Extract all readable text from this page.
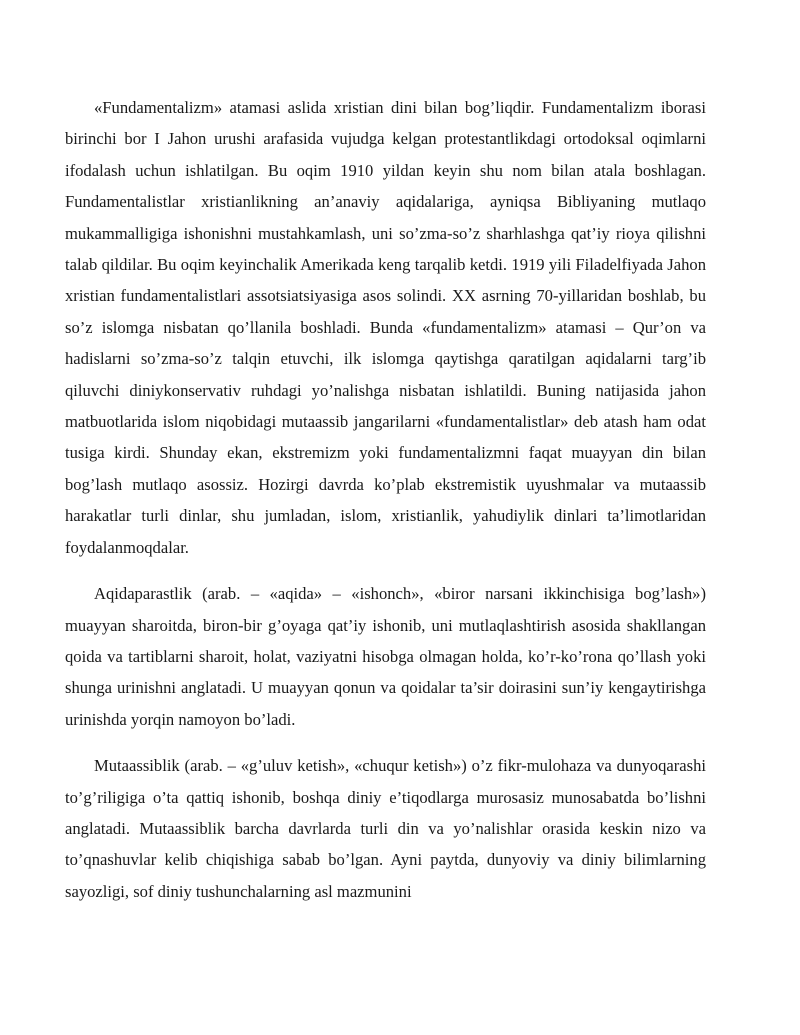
«Fundamentalizm» atamasi aslida xristian dini bilan bog’liqdir. Fundamentalizm iborasi birinchi bor I Jahon urushi arafasida vujudga kelgan protestantlikdagi ortodoksal oqimlarni ifodalash uchun ishlatilgan. Bu oqim 1910 yildan keyin shu nom bilan atala boshlagan. Fundamentalistlar xristianlikning an’anaviy aqidalariga, ayniqsa Bibliyaning mutlaqo mukammalligiga ishonishni mustahkamlash, uni so’zma-so’z sharhlashga qat’iy rioya qilishni talab qildilar. Bu oqim keyinchalik Amerikada keng tarqalib ketdi. 1919 yili Filadelfiyada Jahon xristian fundamentalistlari assotsiatsiyasiga asos solindi. XX asrning 70-yillaridan boshlab, bu so’z islomga nisbatan qo’llanila boshladi. Bunda «fundamentalizm» atamasi – Qur’on va hadislarni so’zma-so’z talqin etuvchi, ilk islomga qaytishga qaratilgan aqidalarni targ’ib qiluvchi diniykonservativ ruhdagi yo’nalishga nisbatan ishlatildi. Buning natijasida jahon matbuotlarida islom niqobidagi mutaassib jangarilarni «fundamentalistlar» deb atash ham odat tusiga kirdi. Shunday ekan, ekstremizm yoki fundamentalizmni faqat muayyan din bilan bog’lash mutlaqo asossiz. Hozirgi davrda ko’plab ekstremistik uyushmalar va mutaassib harakatlar turli dinlar, shu jumladan, islom, xristianlik, yahudiylik dinlari ta’limotlaridan foydalanmoqdalar.

Aqidaparastlik (arab. – «aqida» – «ishonch», «biror narsani ikkinchisiga bog’lash») muayyan sharoitda, biron-bir g’oyaga qat’iy ishonib, uni mutlaqlashtirish asosida shakllangan qoida va tartiblarni sharoit, holat, vaziyatni hisobga olmagan holda, ko’r-ko’rona qo’llash yoki shunga urinishni anglatadi. U muayyan qonun va qoidalar ta’sir doirasini sun’iy kengaytirishga urinishda yorqin namoyon bo’ladi.

Mutaassiblik (arab. – «g’uluv ketish», «chuqur ketish») o’z fikr-mulohaza va dunyoqarashi to’g’riligiga o’ta qattiq ishonib, boshqa diniy e’tiqodlarga murosasiz munosabatda bo’lishni anglatadi. Mutaassiblik barcha davrlarda turli din va yo’nalishlar orasida keskin nizo va to’qnashuvlar kelib chiqishiga sabab bo’lgan. Ayni paytda, dunyoviy va diniy bilimlarning sayozligi, sof diniy tushunchalarning asl mazmunini
